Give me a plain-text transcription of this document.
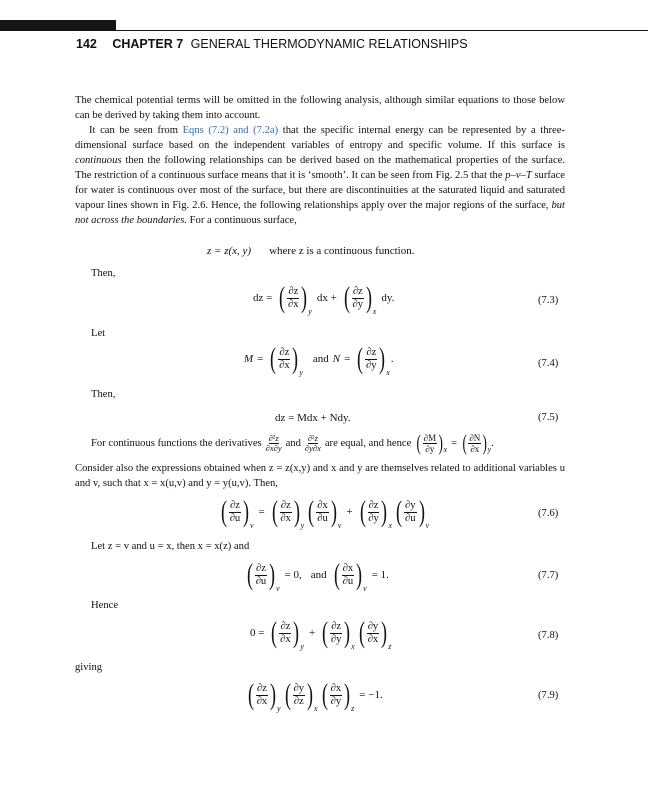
142 CHAPTER 7 GENERAL THERMODYNAMIC RELATIONSHIPS
The chemical potential terms will be omitted in the following analysis, although similar equations to those below can be derived by taking them into account.
It can be seen from Eqns (7.2) and (7.2a) that the specific internal energy can be represented by a three-dimensional surface based on the independent variables of entropy and specific volume. If this surface is continuous then the following relationships can be derived based on the mathematical properties of the surface. The restriction of a continuous surface means that it is ‘smooth’. It can be seen from Fig. 2.5 that the p–v–T surface for water is continuous over most of the surface, but there are discontinuities at the saturated liquid and saturated vapour lines shown in Fig. 2.6. Hence, the following relationships apply over the major regions of the surface, but not across the boundaries. For a continuous surface,
z = z(x, y) where z is a continuous function.
Then,
dz = ( $\frac{\partial z}{\partial x}$ ) y
dx + ( $\frac{\partial z}{\partial y}$ ) x
dy.	(7.3)
Let
M = ( $\frac{\partial z}{\partial x}$ ) y
and N = ( $\frac{\partial z}{\partial y}$ ) x
.	(7.4)
Then,
dz = Mdx + Ndy.	(7.5)
For continuous functions the derivatives ∂²z
∂x∂y and ∂²z
∂y∂x are equal, and hence ( $\frac{\partial M}{\partial y}$ ) x
= ( $\frac{\partial N}{\partial x}$ ) y
.
Consider also the expressions obtained when z = z(x,y) and x and y are themselves related to additional variables u and v, such that x = x(u,v) and y = y(u,v). Then,
( $\frac{\partial z}{\partial u}$ ) v
= ( $\frac{\partial z}{\partial x}$ ) y ( $\frac{\partial x}{\partial u}$ ) v
+ ( $\frac{\partial z}{\partial y}$ ) x ( $\frac{\partial y}{\partial u}$ ) v
(7.6)
Let z = v and u = x, then x = x(z) and
( $\frac{\partial z}{\partial u}$ ) v
= 0, and ( $\frac{\partial x}{\partial u}$ ) v
= 1.	(7.7)
Hence
0 = ( $\frac{\partial z}{\partial x}$ ) y
+ ( $\frac{\partial z}{\partial y}$ ) x ( $\frac{\partial y}{\partial x}$ ) z
(7.8)
giving
( $\frac{\partial z}{\partial x}$ ) y ( $\frac{\partial y}{\partial z}$ ) x ( $\frac{\partial x}{\partial y}$ ) z
= −1.	(7.9)
